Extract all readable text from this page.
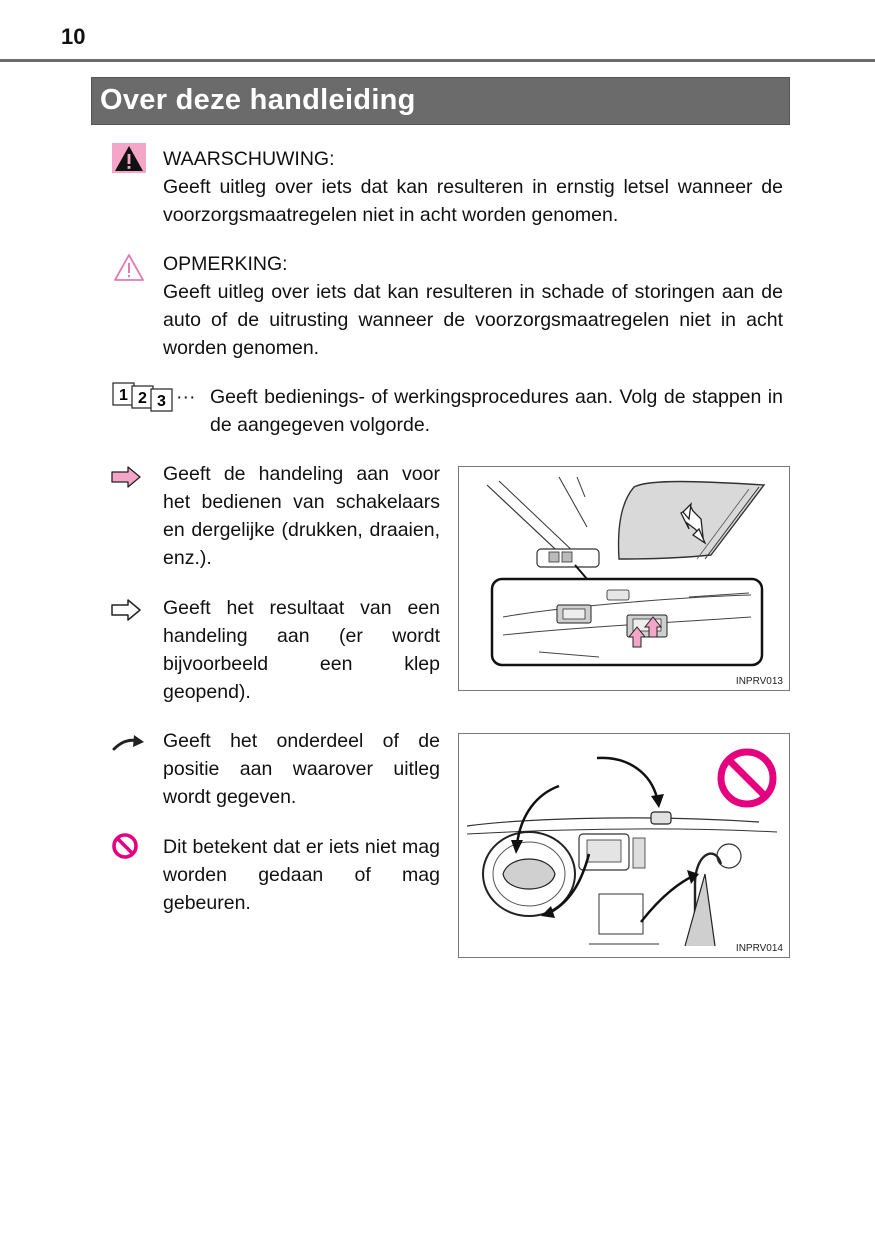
10
Over deze handleiding
WAARSCHUWING:
Geeft uitleg over iets dat kan resulteren in ernstig letsel wanneer de voorzorgsmaatregelen niet in acht worden genomen.
OPMERKING:
Geeft uitleg over iets dat kan resulteren in schade of storingen aan de auto of de uitrusting wanneer de voorzorgsmaatregelen niet in acht worden genomen.
1 2 3 ··· Geeft bedienings- of werkingsprocedures aan. Volg de stappen in de aangegeven volgorde.
Geeft de handeling aan voor het bedienen van schakelaars en dergelijke (drukken, draaien, enz.).
Geeft het resultaat van een handeling aan (er wordt bijvoorbeeld een klep geopend).
Geeft het onderdeel of de positie aan waarover uitleg wordt gegeven.
Dit betekent dat er iets niet mag worden gedaan of mag gebeuren.
INPRV013
INPRV014
